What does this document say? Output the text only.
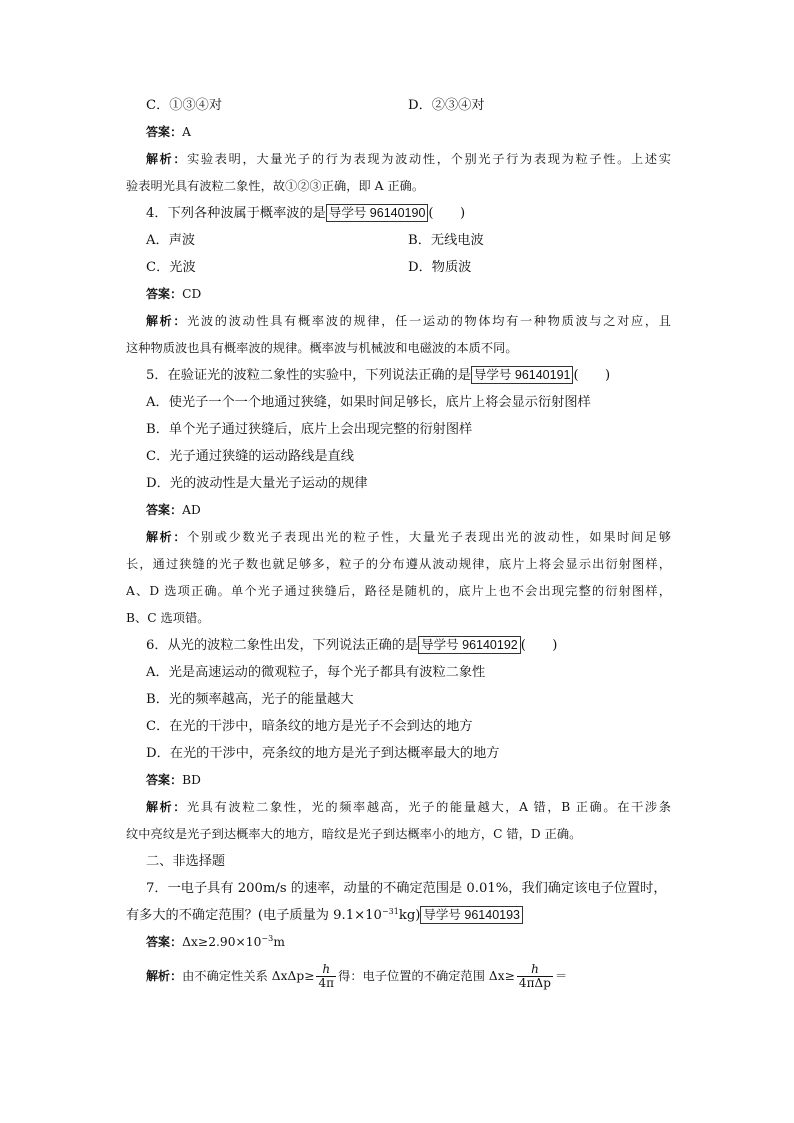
C．①③④对	D．②③④对
答案：A
解析：实验表明，大量光子的行为表现为波动性，个别光子行为表现为粒子性。上述实
验表明光具有波粒二象性，故①②③正确，即 A 正确。
4．下列各种波属于概率波的是 导学号 96140190 (　　)
A．声波	B．无线电波
C．光波	D．物质波
答案：CD
解析：光波的波动性具有概率波的规律，任一运动的物体均有一种物质波与之对应，且
这种物质波也具有概率波的规律。概率波与机械波和电磁波的本质不同。
5．在验证光的波粒二象性的实验中，下列说法正确的是 导学号 96140191 (　　)
A．使光子一个一个地通过狭缝，如果时间足够长，底片上将会显示衍射图样
B．单个光子通过狭缝后，底片上会出现完整的衍射图样
C．光子通过狭缝的运动路线是直线
D．光的波动性是大量光子运动的规律
答案：AD
解析：个别或少数光子表现出光的粒子性，大量光子表现出光的波动性，如果时间足够
长，通过狭缝的光子数也就足够多，粒子的分布遵从波动规律，底片上将会显示出衍射图样，
A、D 选项正确。单个光子通过狭缝后，路径是随机的，底片上也不会出现完整的衍射图样，
B、C 选项错。
6．从光的波粒二象性出发，下列说法正确的是 导学号 96140192 (　　)
A．光是高速运动的微观粒子，每个光子都具有波粒二象性
B．光的频率越高，光子的能量越大
C．在光的干涉中，暗条纹的地方是光子不会到达的地方
D．在光的干涉中，亮条纹的地方是光子到达概率最大的地方
答案：BD
解析：光具有波粒二象性，光的频率越高，光子的能量越大，A 错，B 正确。在干涉条
纹中亮纹是光子到达概率大的地方，暗纹是光子到达概率小的地方，C 错，D 正确。
二、非选择题
7．一电子具有 200m/s 的速率，动量的不确定范围是 0.01%，我们确定该电子位置时，
有多大的不确定范围？(电子质量为 $9.1\times 10^{-31}kg$) 导学号 96140193
答案：$\Delta x\ge 2.90\times 10^{-3}m$
解析：由不确定性关系 $\Delta x\Delta p\ge \frac{h}{4\pi}$ 得：电子位置的不确定范围 $\Delta x\ge \frac{h}{\text{4πΔp}}$ ＝
